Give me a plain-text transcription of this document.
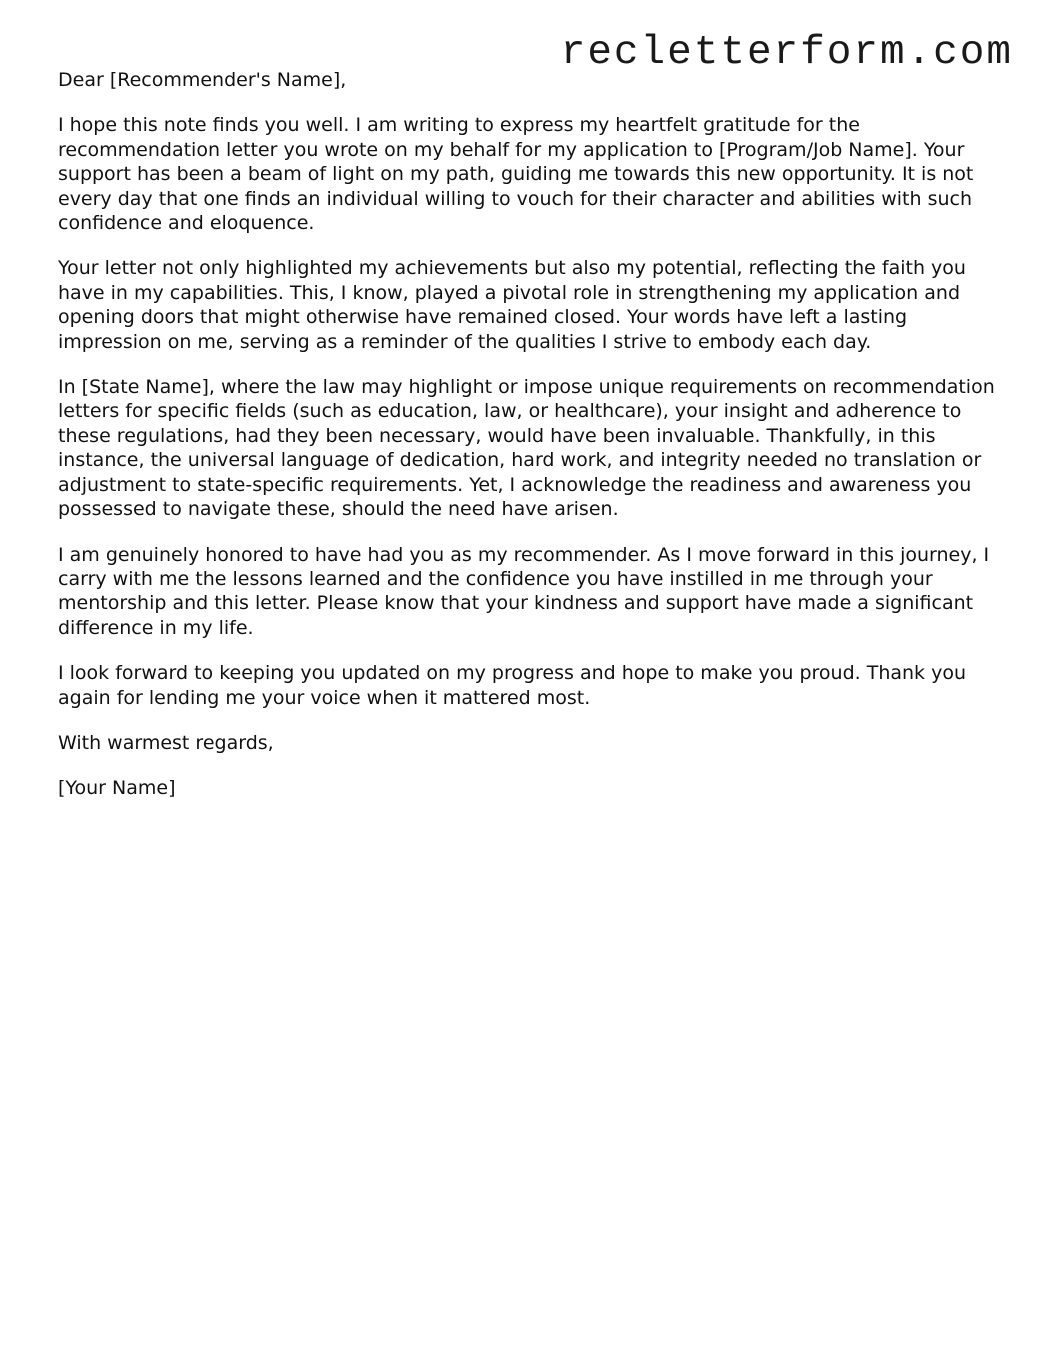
recletterform.com

Dear [Recommender's Name],

I hope this note finds you well. I am writing to express my heartfelt gratitude for the recommendation letter you wrote on my behalf for my application to [Program/Job Name]. Your support has been a beam of light on my path, guiding me towards this new opportunity. It is not every day that one finds an individual willing to vouch for their character and abilities with such confidence and eloquence.

Your letter not only highlighted my achievements but also my potential, reflecting the faith you have in my capabilities. This, I know, played a pivotal role in strengthening my application and opening doors that might otherwise have remained closed. Your words have left a lasting impression on me, serving as a reminder of the qualities I strive to embody each day.

In [State Name], where the law may highlight or impose unique requirements on recommendation letters for specific fields (such as education, law, or healthcare), your insight and adherence to these regulations, had they been necessary, would have been invaluable. Thankfully, in this instance, the universal language of dedication, hard work, and integrity needed no translation or adjustment to state-specific requirements. Yet, I acknowledge the readiness and awareness you possessed to navigate these, should the need have arisen.

I am genuinely honored to have had you as my recommender. As I move forward in this journey, I carry with me the lessons learned and the confidence you have instilled in me through your mentorship and this letter. Please know that your kindness and support have made a significant difference in my life.

I look forward to keeping you updated on my progress and hope to make you proud. Thank you again for lending me your voice when it mattered most.

With warmest regards,

[Your Name]
